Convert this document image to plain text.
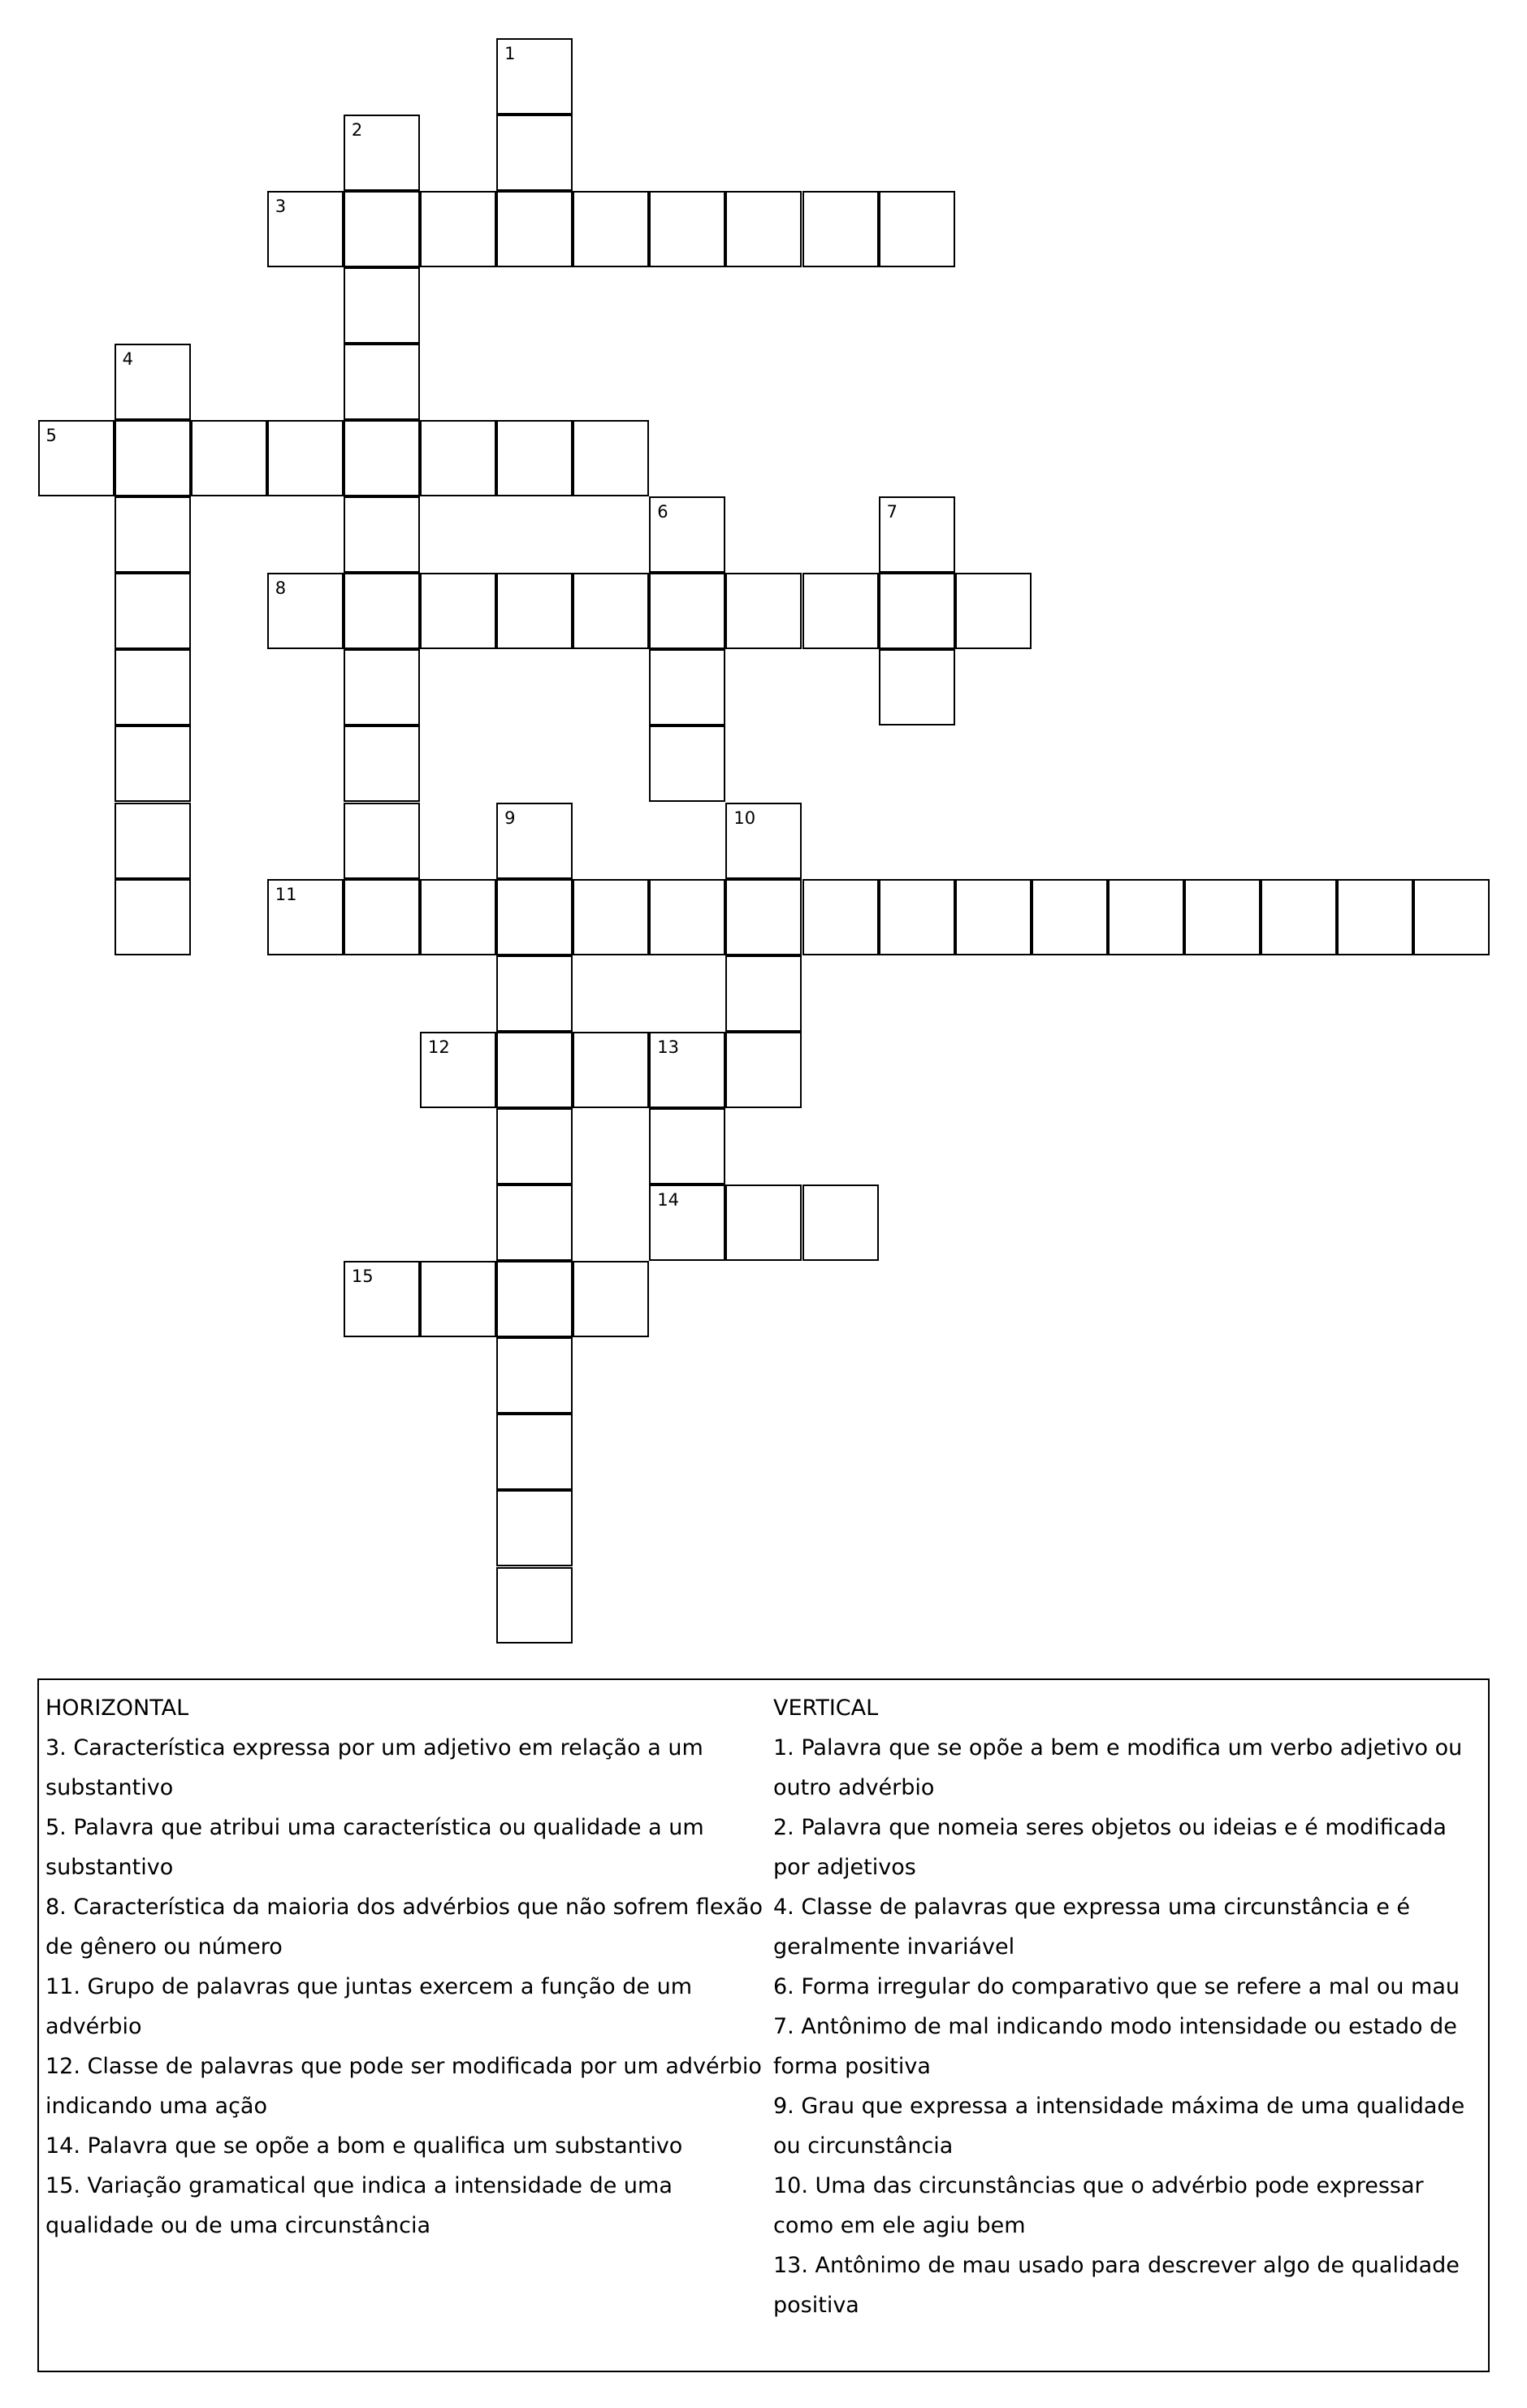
1
2
3
4
5
6	7
8
9	10
11
12	13
14
15
HORIZONTAL
3. Característica expressa por um adjetivo em relação a um substantivo
5. Palavra que atribui uma característica ou qualidade a um substantivo
8. Característica da maioria dos advérbios que não sofrem flexão de gênero ou número
11. Grupo de palavras que juntas exercem a função de um advérbio
12. Classe de palavras que pode ser modificada por um advérbio indicando uma ação
14. Palavra que se opõe a bom e qualifica um substantivo
15. Variação gramatical que indica a intensidade de uma qualidade ou de uma circunstância
VERTICAL
1. Palavra que se opõe a bem e modifica um verbo adjetivo ou outro advérbio
2. Palavra que nomeia seres objetos ou ideias e é modificada por adjetivos
4. Classe de palavras que expressa uma circunstância e é geralmente invariável
6. Forma irregular do comparativo que se refere a mal ou mau
7. Antônimo de mal indicando modo intensidade ou estado de forma positiva
9. Grau que expressa a intensidade máxima de uma qualidade ou circunstância
10. Uma das circunstâncias que o advérbio pode expressar como em ele agiu bem
13. Antônimo de mau usado para descrever algo de qualidade positiva
